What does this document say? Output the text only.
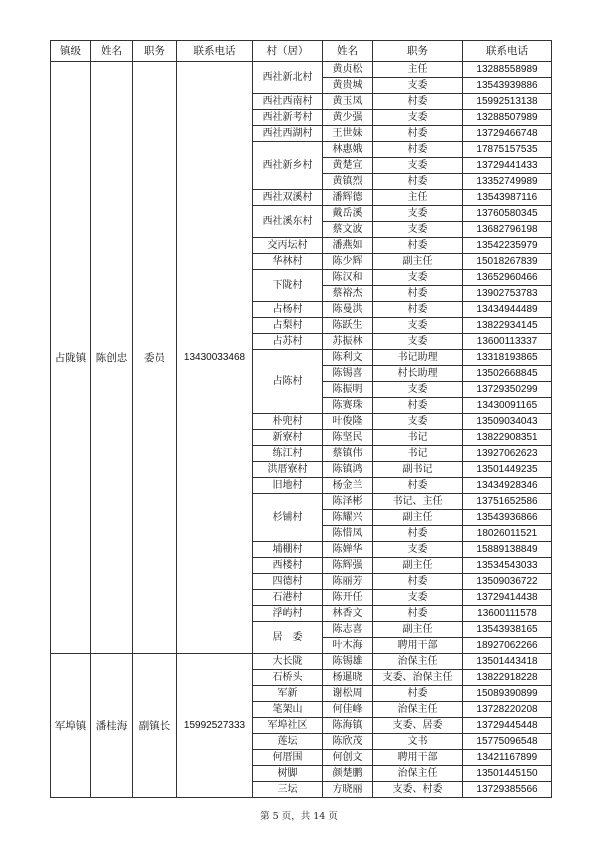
镇级	姓名	职务	联系电话	村（居）	姓名	职务	联系电话
占陇镇	陈创忠	委员	13430033468	西社新北村	黄贞松	主任	13288558989
					黄贵城	支委	13543939886
				西社西南村	黄玉凤	村委	15992513138
				西社新考村	黄少强	支委	13288507989
				西社西湖村	王世妹	村委	13729466748
				西社新乡村	林惠娥	村委	17875157535
					黄楚宣	支委	13729441433
					黄镇烈	村委	13352749989
				西社双溪村	潘辉德	主任	13543987116
				西社溪东村	戴岳溪	支委	13760580345
					蔡文波	支委	13682796198
				交丙坛村	潘燕如	村委	13542235979
				华林村	陈少辉	副主任	15018267839
				下陇村	陈汉和	支委	13652960466
					蔡裕杰	村委	13902753783
				占杨村	陈曼洪	村委	13434944489
				占梨村	陈跃生	支委	13822934145
				占苏村	苏振林	支委	13600113337
				占陈村	陈利文	书记助理	13318193865
					陈锡喜	村长助理	13502668845
					陈振明	支委	13729350299
					陈赛珠	村委	13430091165
				朴兜村	叶俊隆	支委	13509034043
				新寮村	陈坚民	书记	13822908351
				练江村	蔡镇伟	书记	13927062623
				洪厝寮村	陈镇鸿	副书记	13501449235
				旧地村	杨金兰	村委	13434928346
				杉铺村	陈泽彬	书记、主任	13751652586
					陈耀兴	副主任	13543936866
					陈惜凤	村委	18026011521
				埔棚村	陈婵华	支委	15889138849
				西楼村	陈辉强	副主任	13534543033
				四德村	陈丽芳	村委	13509036722
				石港村	陈开任	支委	13729414438
				浮屿村	林香文	村委	13600111578
				居　委	陈志喜	副主任	13543938165
					叶木海	聘用干部	18927062266
军埠镇	潘桂海	副镇长	15992527333	大长陇	陈锡雄	治保主任	13501443418
				石桥头	杨暹晓	支委、治保主任	13822918228
				军新	谢松周	村委	15089390899
				笔架山	何佳峰	治保主任	13728220208
				军埠社区	陈海镇	支委、居委	13729445448
				莲坛	陈欣茂	文书	15775096548
				何厝围	何创文	聘用干部	13421167899
				树脚	颜楚鹏	治保主任	13501445150
				三坛	方晓丽	支委、村委	13729385566
第 5 页，共 14 页
